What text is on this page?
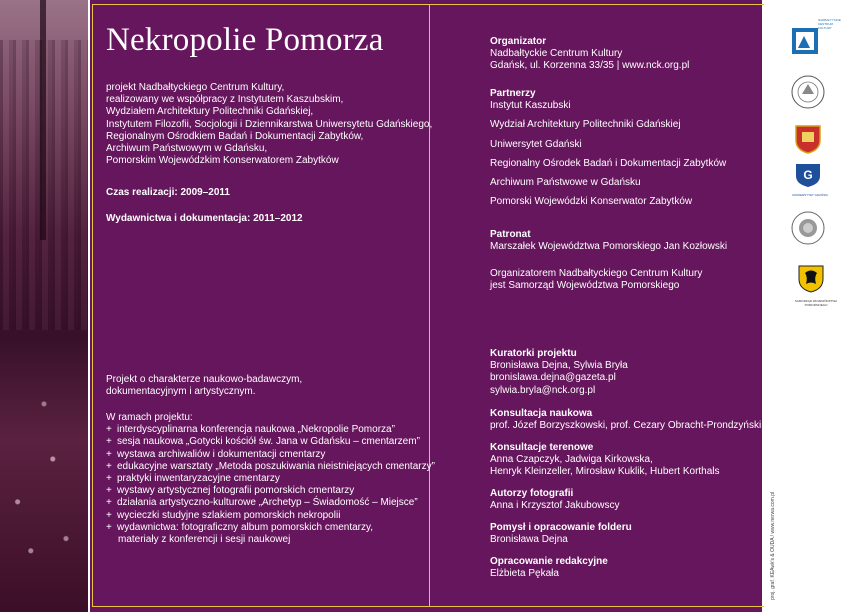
Nekropolie Pomorza
projekt Nadbałtyckiego Centrum Kultury,
realizowany we współpracy z Instytutem Kaszubskim,
Wydziałem Architektury Politechniki Gdańskiej,
Instytutem Filozofii, Socjologii i Dziennikarstwa Uniwersytetu Gdańskiego,
Regionalnym Ośrodkiem Badań i Dokumentacji Zabytków,
Archiwum Państwowym w Gdańsku,
Pomorskim Wojewódzkim Konserwatorem Zabytków
Czas realizacji: 2009–2011
Wydawnictwa i dokumentacja: 2011–2012
Projekt o charakterze naukowo-badawczym,
dokumentacyjnym i artystycznym.
W ramach projektu:
+ interdyscyplinarna konferencja naukowa „Nekropolie Pomorza”
+ sesja naukowa „Gotycki kościół św. Jana w Gdańsku – cmentarzem”
+ wystawa archiwaliów i dokumentacji cmentarzy
+ edukacyjne warsztaty „Metoda poszukiwania nieistniejących cmentarzy”
+ praktyki inwentaryzacyjne cmentarzy
+ wystawy artystycznej fotografii pomorskich cmentarzy
+ działania artystyczno-kulturowe „Archetyp – Świadomość – Miejsce”
+ wycieczki studyjne szlakiem pomorskich nekropolii
+ wydawnictwa: fotograficzny album pomorskich cmentarzy,
materiały z konferencji i sesji naukowej
Organizator
Nadbałtyckie Centrum Kultury
Gdańsk, ul. Korzenna 33/35 | www.nck.org.pl
Partnerzy
Instytut Kaszubski
Wydział Architektury Politechniki Gdańskiej
Uniwersytet Gdański
Regionalny Ośrodek Badań i Dokumentacji Zabytków
Archiwum Państwowe w Gdańsku
Pomorski Wojewódzki Konserwator Zabytków
Patronat
Marszałek Województwa Pomorskiego Jan Kozłowski
Organizatorem Nadbałtyckiego Centrum Kultury
jest Samorząd Województwa Pomorskiego
Kuratorki projektu
Bronisława Dejna, Sylwia Bryła
bronislawa.dejna@gazeta.pl
sylwia.bryla@nck.org.pl
Konsultacja naukowa
prof. Józef Borzyszkowski, prof. Cezary Obracht-Prondzyński
Konsultacje terenowe
Anna Czapczyk, Jadwiga Kirkowska,
Henryk Kleinzeller, Mirosław Kuklik, Hubert Korthals
Autorzy fotografii
Anna i Krzysztof Jakubowscy
Pomysł i opracowanie folderu
Bronisława Dejna
Opracowanie redakcyjne
Elżbieta Pękała
NADBAŁTYCKIE CENTRUM KULTURY
G
UNIWERSYTET GDAŃSKI
SAMORZĄD WOJEWÓDZTWA POMORSKIEGO
proj. graf. KEAwk's & OUDA / www.nerwa.com.pl
